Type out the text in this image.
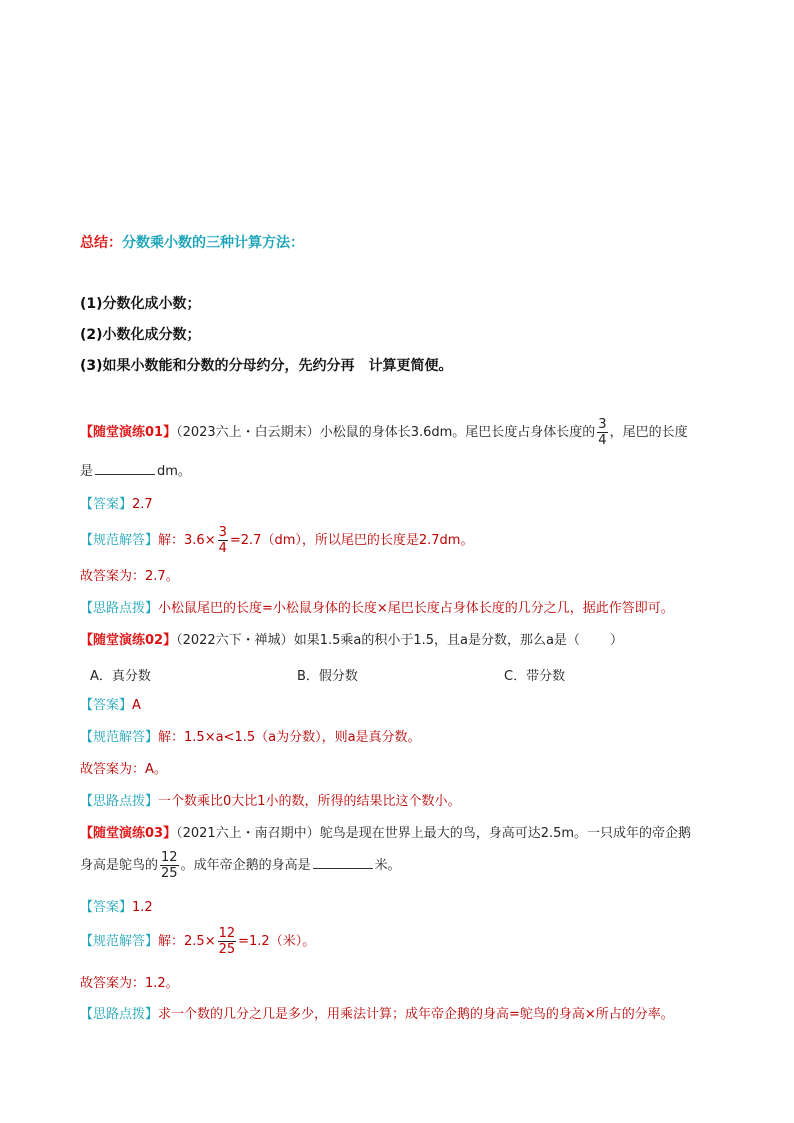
总结：分数乘小数的三种计算方法：
(1)分数化成小数；
(2)小数化成分数；
(3)如果小数能和分数的分母约分，先约分再　计算更简便。
【随堂演练01】（2023六上・白云期末）小松鼠的身体长3.6dm。尾巴长度占身体长度的 $\frac{3}{4}$ ，尾巴的长度
是	dm。
【答案】2.7
【规范解答】解：$3.6\times \frac{3}{4} =2.7(dm)$，所以尾巴的长度是2.7dm。
故答案为：2.7。
【思路点拨】小松鼠尾巴的长度=小松鼠身体的长度×尾巴长度占身体长度的几分之几，据此作答即可。
【随堂演练02】（2022六下・禅城）如果1.5乘a的积小于1.5，且a是分数，那么a是（ ）
A．真分数	B．假分数	C．带分数
【答案】A
【规范解答】解：1.5×a<1.5（a为分数），则a是真分数。
故答案为：A。
【思路点拨】一个数乘比0大比1小的数，所得的结果比这个数小。
【随堂演练03】（2021六上・南召期中）鸵鸟是现在世界上最大的鸟，身高可达2.5m。一只成年的帝企鹅
身高是鸵鸟的 $\frac{12}{25}$ 。成年帝企鹅的身高是	米。
【答案】1.2
【规范解答】解：$2.5\times \frac{12}{25} =1.2$（米）。
故答案为：1.2。
【思路点拨】求一个数的几分之几是多少，用乘法计算；成年帝企鹅的身高=鸵鸟的身高×所占的分率。
